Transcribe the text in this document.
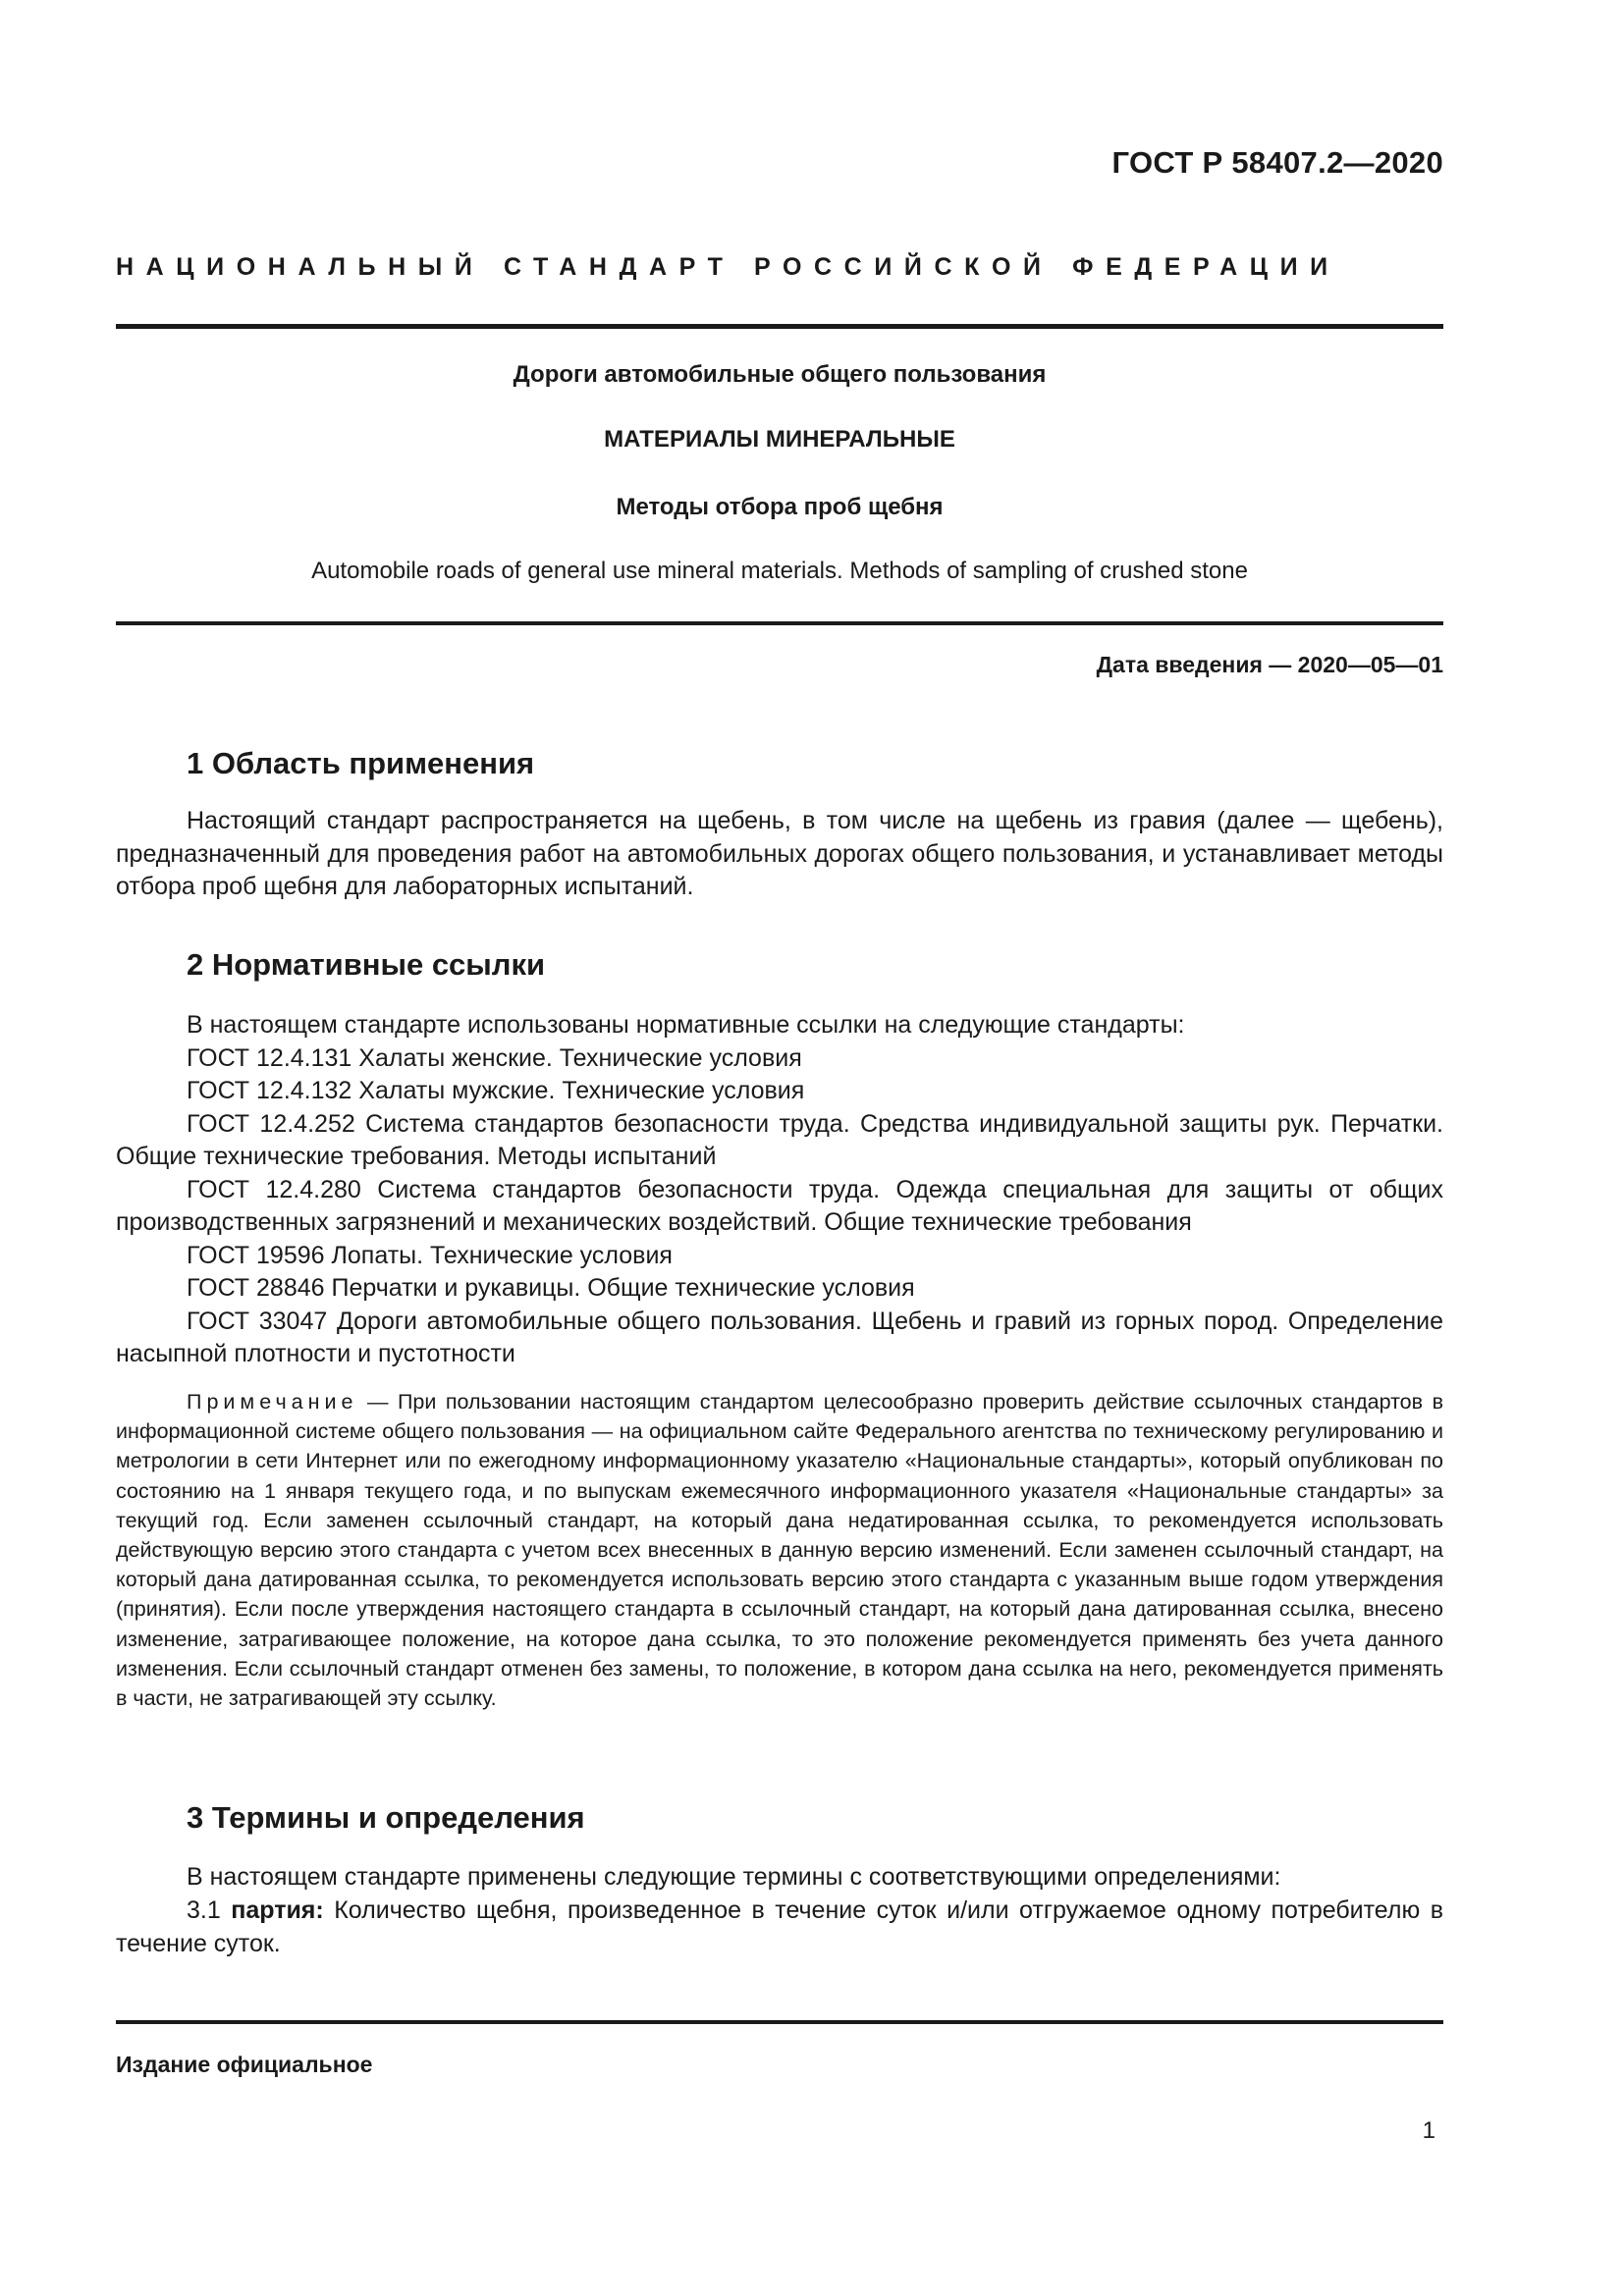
ГОСТ Р 58407.2—2020
НАЦИОНАЛЬНЫЙ СТАНДАРТ РОССИЙСКОЙ ФЕДЕРАЦИИ
Дороги автомобильные общего пользования
МАТЕРИАЛЫ МИНЕРАЛЬНЫЕ
Методы отбора проб щебня
Automobile roads of general use mineral materials. Methods of sampling of crushed stone
Дата введения — 2020—05—01
1 Область применения

Настоящий стандарт распространяется на щебень, в том числе на щебень из гравия (далее — щебень), предназначенный для проведения работ на автомобильных дорогах общего пользования, и устанавливает методы отбора проб щебня для лабораторных испытаний.

2 Нормативные ссылки

В настоящем стандарте использованы нормативные ссылки на следующие стандарты:

ГОСТ 12.4.131 Халаты женские. Технические условия

ГОСТ 12.4.132 Халаты мужские. Технические условия

ГОСТ 12.4.252 Система стандартов безопасности труда. Средства индивидуальной защиты рук. Перчатки. Общие технические требования. Методы испытаний

ГОСТ 12.4.280 Система стандартов безопасности труда. Одежда специальная для защиты от общих производственных загрязнений и механических воздействий. Общие технические требования

ГОСТ 19596 Лопаты. Технические условия

ГОСТ 28846 Перчатки и рукавицы. Общие технические условия

ГОСТ 33047 Дороги автомобильные общего пользования. Щебень и гравий из горных пород. Определение насыпной плотности и пустотности

Примечание — При пользовании настоящим стандартом целесообразно проверить действие ссылочных стандартов в информационной системе общего пользования — на официальном сайте Федерального агентства по техническому регулированию и метрологии в сети Интернет или по ежегодному информационному указателю «Национальные стандарты», который опубликован по состоянию на 1 января текущего года, и по выпускам ежемесячного информационного указателя «Национальные стандарты» за текущий год. Если заменен ссылочный стандарт, на который дана недатированная ссылка, то рекомендуется использовать действующую версию этого стандарта с учетом всех внесенных в данную версию изменений. Если заменен ссылочный стандарт, на который дана датированная ссылка, то рекомендуется использовать версию этого стандарта с указанным выше годом утверждения (принятия). Если после утверждения настоящего стандарта в ссылочный стандарт, на который дана датированная ссылка, внесено изменение, затрагивающее положение, на которое дана ссылка, то это положение рекомендуется применять без учета данного изменения. Если ссылочный стандарт отменен без замены, то положение, в котором дана ссылка на него, рекомендуется применять в части, не затрагивающей эту ссылку.

3 Термины и определения

В настоящем стандарте применены следующие термины с соответствующими определениями:

3.1 партия: Количество щебня, произведенное в течение суток и/или отгружаемое одному потребителю в течение суток.

Издание официальное
1
